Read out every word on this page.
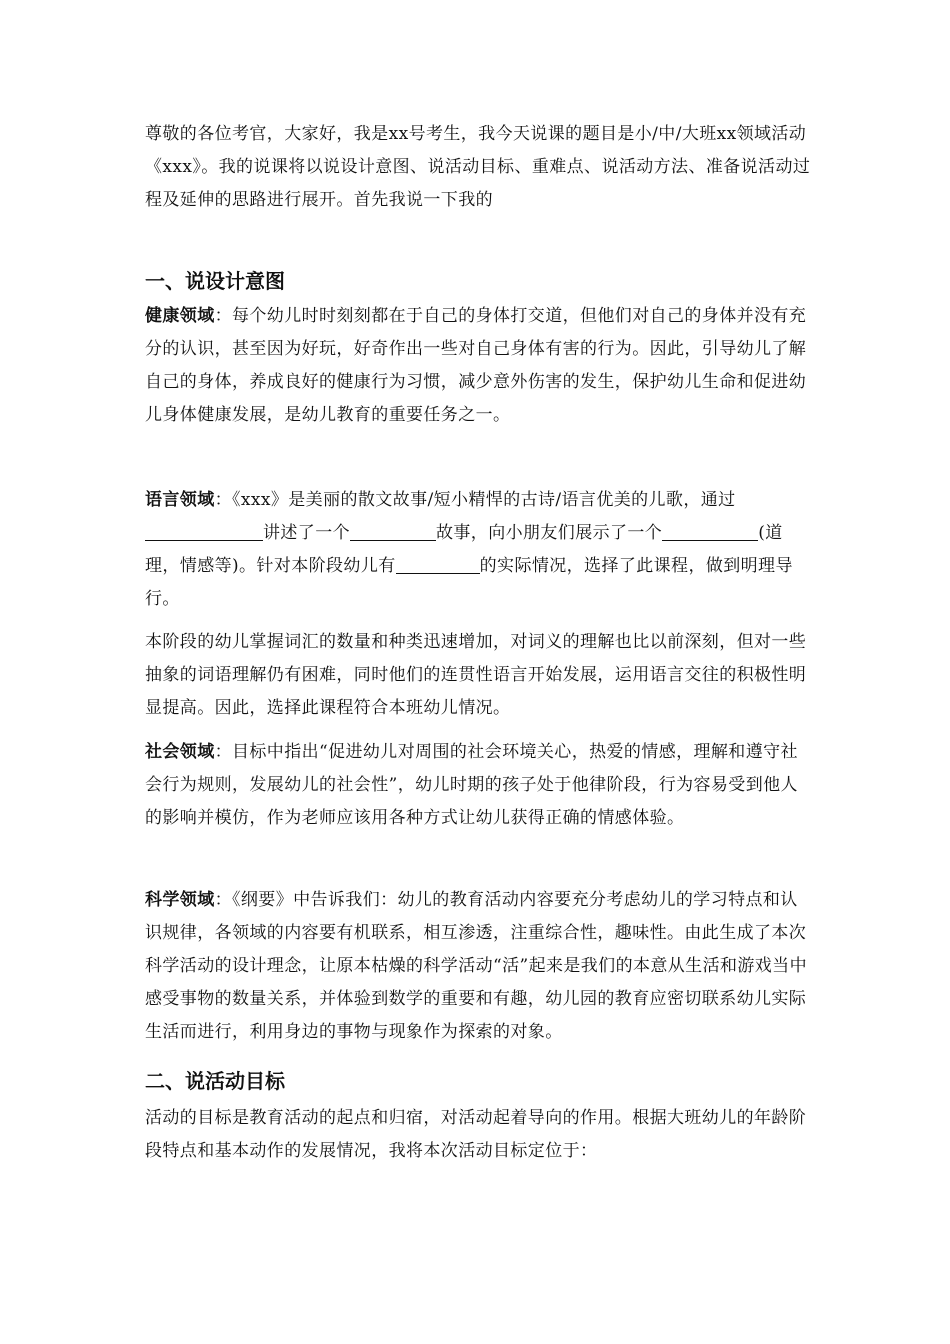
尊敬的各位考官，大家好，我是xx号考生，我今天说课的题目是小/中/大班xx领域活动《xxx》。我的说课将以说设计意图、说活动目标、重难点、说活动方法、准备说活动过程及延伸的思路进行展开。首先我说一下我的
一、说设计意图
健康领域：每个幼儿时时刻刻都在于自己的身体打交道，但他们对自己的身体并没有充分的认识，甚至因为好玩，好奇作出一些对自己身体有害的行为。因此，引导幼儿了解自己的身体，养成良好的健康行为习惯，减少意外伤害的发生，保护幼儿生命和促进幼儿身体健康发展，是幼儿教育的重要任务之一。
语言领域：《xxx》是美丽的散文故事/短小精悍的古诗/语言优美的儿歌，通过讲述了一个	故事，向小朋友们展示了一个	(道理，情感等)。针对本阶段幼儿有	的实际情况，选择了此课程，做到明理导行。
本阶段的幼儿掌握词汇的数量和种类迅速增加，对词义的理解也比以前深刻，但对一些抽象的词语理解仍有困难，同时他们的连贯性语言开始发展，运用语言交往的积极性明显提高。因此，选择此课程符合本班幼儿情况。
社会领域：目标中指出“促进幼儿对周围的社会环境关心，热爱的情感，理解和遵守社会行为规则，发展幼儿的社会性”，幼儿时期的孩子处于他律阶段，行为容易受到他人的影响并模仿，作为老师应该用各种方式让幼儿获得正确的情感体验。
科学领域：《纲要》中告诉我们：幼儿的教育活动内容要充分考虑幼儿的学习特点和认识规律，各领域的内容要有机联系，相互渗透，注重综合性，趣味性。由此生成了本次科学活动的设计理念，让原本枯燥的科学活动“活”起来是我们的本意从生活和游戏当中感受事物的数量关系，并体验到数学的重要和有趣，幼儿园的教育应密切联系幼儿实际生活而进行，利用身边的事物与现象作为探索的对象。
二、说活动目标
活动的目标是教育活动的起点和归宿，对活动起着导向的作用。根据大班幼儿的年龄阶段特点和基本动作的发展情况，我将本次活动目标定位于：
